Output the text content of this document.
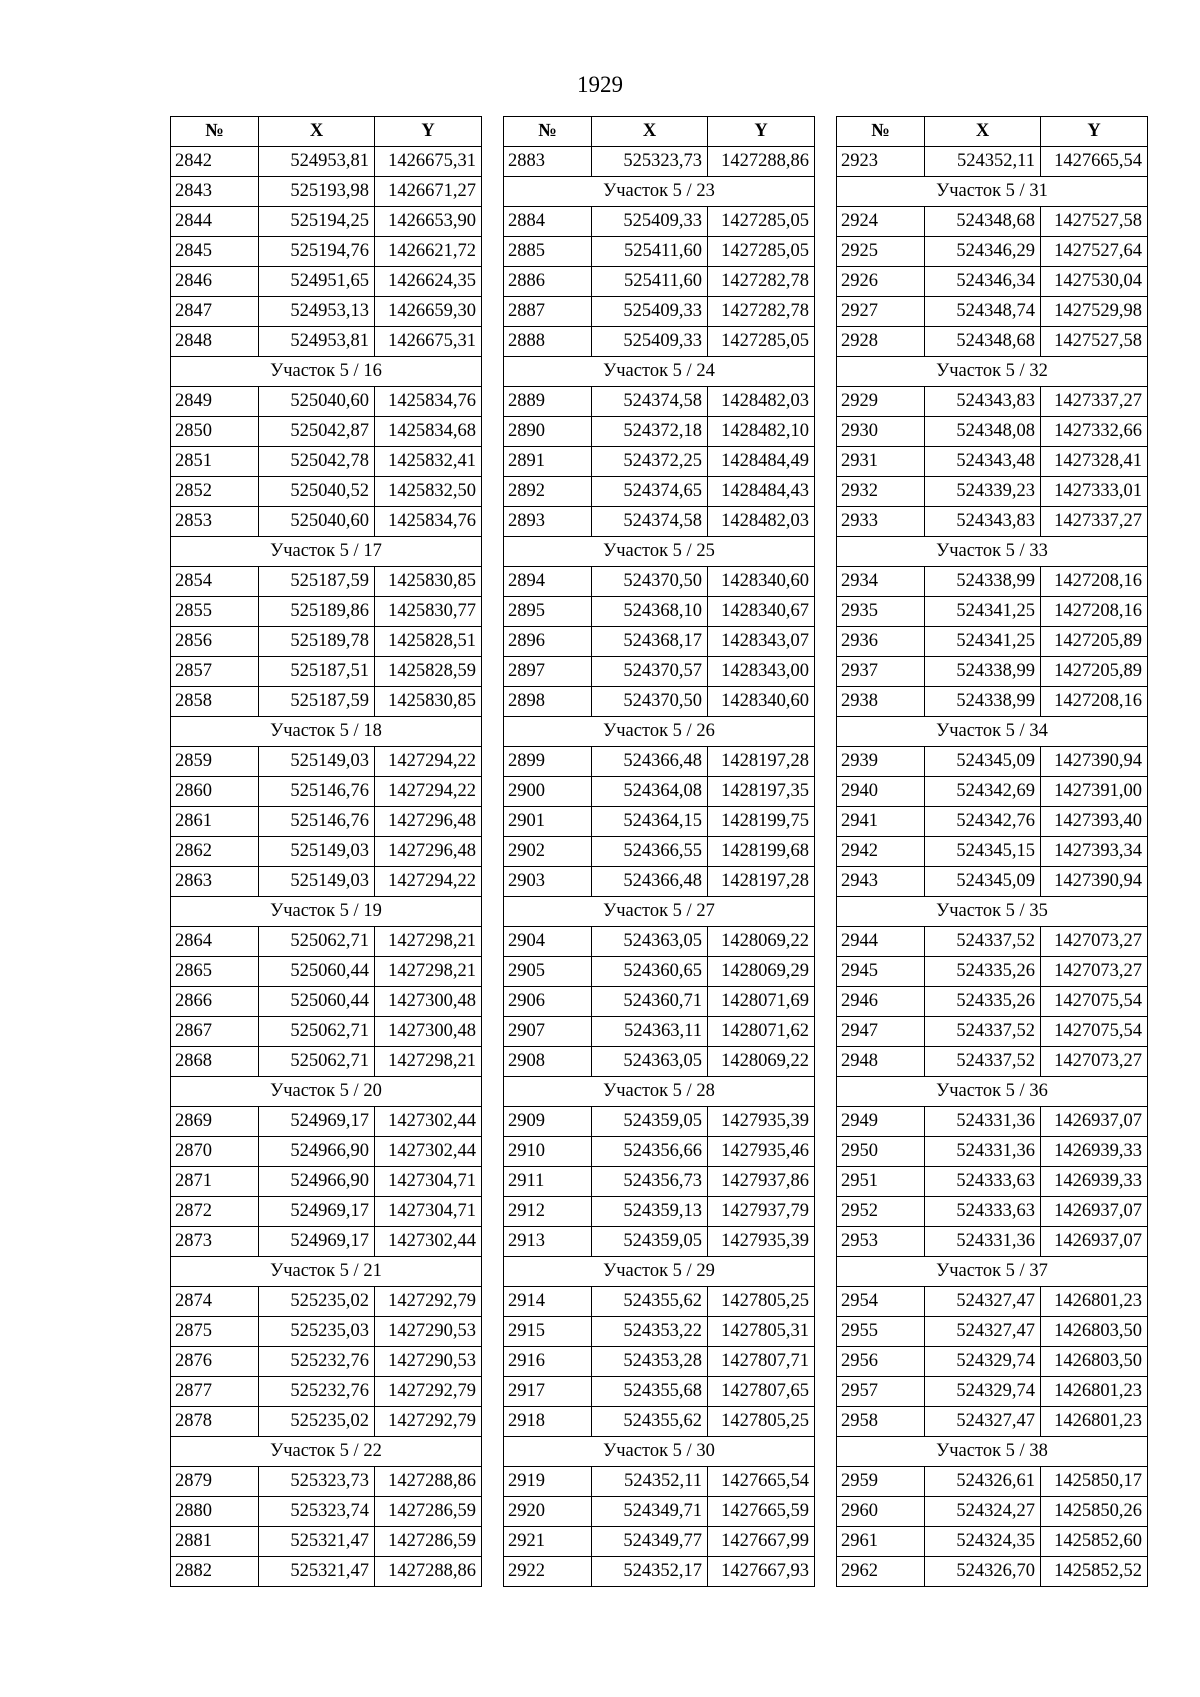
1929
№	X	Y
2842	524953,81	1426675,31
2843	525193,98	1426671,27
2844	525194,25	1426653,90
2845	525194,76	1426621,72
2846	524951,65	1426624,35
2847	524953,13	1426659,30
2848	524953,81	1426675,31
Участок 5 / 16		
2849	525040,60	1425834,76
2850	525042,87	1425834,68
2851	525042,78	1425832,41
2852	525040,52	1425832,50
2853	525040,60	1425834,76
Участок 5 / 17		
2854	525187,59	1425830,85
2855	525189,86	1425830,77
2856	525189,78	1425828,51
2857	525187,51	1425828,59
2858	525187,59	1425830,85
Участок 5 / 18		
2859	525149,03	1427294,22
2860	525146,76	1427294,22
2861	525146,76	1427296,48
2862	525149,03	1427296,48
2863	525149,03	1427294,22
Участок 5 / 19		
2864	525062,71	1427298,21
2865	525060,44	1427298,21
2866	525060,44	1427300,48
2867	525062,71	1427300,48
2868	525062,71	1427298,21
Участок 5 / 20		
2869	524969,17	1427302,44
2870	524966,90	1427302,44
2871	524966,90	1427304,71
2872	524969,17	1427304,71
2873	524969,17	1427302,44
Участок 5 / 21		
2874	525235,02	1427292,79
2875	525235,03	1427290,53
2876	525232,76	1427290,53
2877	525232,76	1427292,79
2878	525235,02	1427292,79
Участок 5 / 22		
2879	525323,73	1427288,86
2880	525323,74	1427286,59
2881	525321,47	1427286,59
2882	525321,47	1427288,86
№	X	Y
2883	525323,73	1427288,86
Участок 5 / 23		
2884	525409,33	1427285,05
2885	525411,60	1427285,05
2886	525411,60	1427282,78
2887	525409,33	1427282,78
2888	525409,33	1427285,05
Участок 5 / 24		
2889	524374,58	1428482,03
2890	524372,18	1428482,10
2891	524372,25	1428484,49
2892	524374,65	1428484,43
2893	524374,58	1428482,03
Участок 5 / 25		
2894	524370,50	1428340,60
2895	524368,10	1428340,67
2896	524368,17	1428343,07
2897	524370,57	1428343,00
2898	524370,50	1428340,60
Участок 5 / 26		
2899	524366,48	1428197,28
2900	524364,08	1428197,35
2901	524364,15	1428199,75
2902	524366,55	1428199,68
2903	524366,48	1428197,28
Участок 5 / 27		
2904	524363,05	1428069,22
2905	524360,65	1428069,29
2906	524360,71	1428071,69
2907	524363,11	1428071,62
2908	524363,05	1428069,22
Участок 5 / 28		
2909	524359,05	1427935,39
2910	524356,66	1427935,46
2911	524356,73	1427937,86
2912	524359,13	1427937,79
2913	524359,05	1427935,39
Участок 5 / 29		
2914	524355,62	1427805,25
2915	524353,22	1427805,31
2916	524353,28	1427807,71
2917	524355,68	1427807,65
2918	524355,62	1427805,25
Участок 5 / 30		
2919	524352,11	1427665,54
2920	524349,71	1427665,59
2921	524349,77	1427667,99
2922	524352,17	1427667,93
№	X	Y
2923	524352,11	1427665,54
Участок 5 / 31		
2924	524348,68	1427527,58
2925	524346,29	1427527,64
2926	524346,34	1427530,04
2927	524348,74	1427529,98
2928	524348,68	1427527,58
Участок 5 / 32		
2929	524343,83	1427337,27
2930	524348,08	1427332,66
2931	524343,48	1427328,41
2932	524339,23	1427333,01
2933	524343,83	1427337,27
Участок 5 / 33		
2934	524338,99	1427208,16
2935	524341,25	1427208,16
2936	524341,25	1427205,89
2937	524338,99	1427205,89
2938	524338,99	1427208,16
Участок 5 / 34		
2939	524345,09	1427390,94
2940	524342,69	1427391,00
2941	524342,76	1427393,40
2942	524345,15	1427393,34
2943	524345,09	1427390,94
Участок 5 / 35		
2944	524337,52	1427073,27
2945	524335,26	1427073,27
2946	524335,26	1427075,54
2947	524337,52	1427075,54
2948	524337,52	1427073,27
Участок 5 / 36		
2949	524331,36	1426937,07
2950	524331,36	1426939,33
2951	524333,63	1426939,33
2952	524333,63	1426937,07
2953	524331,36	1426937,07
Участок 5 / 37		
2954	524327,47	1426801,23
2955	524327,47	1426803,50
2956	524329,74	1426803,50
2957	524329,74	1426801,23
2958	524327,47	1426801,23
Участок 5 / 38		
2959	524326,61	1425850,17
2960	524324,27	1425850,26
2961	524324,35	1425852,60
2962	524326,70	1425852,52
